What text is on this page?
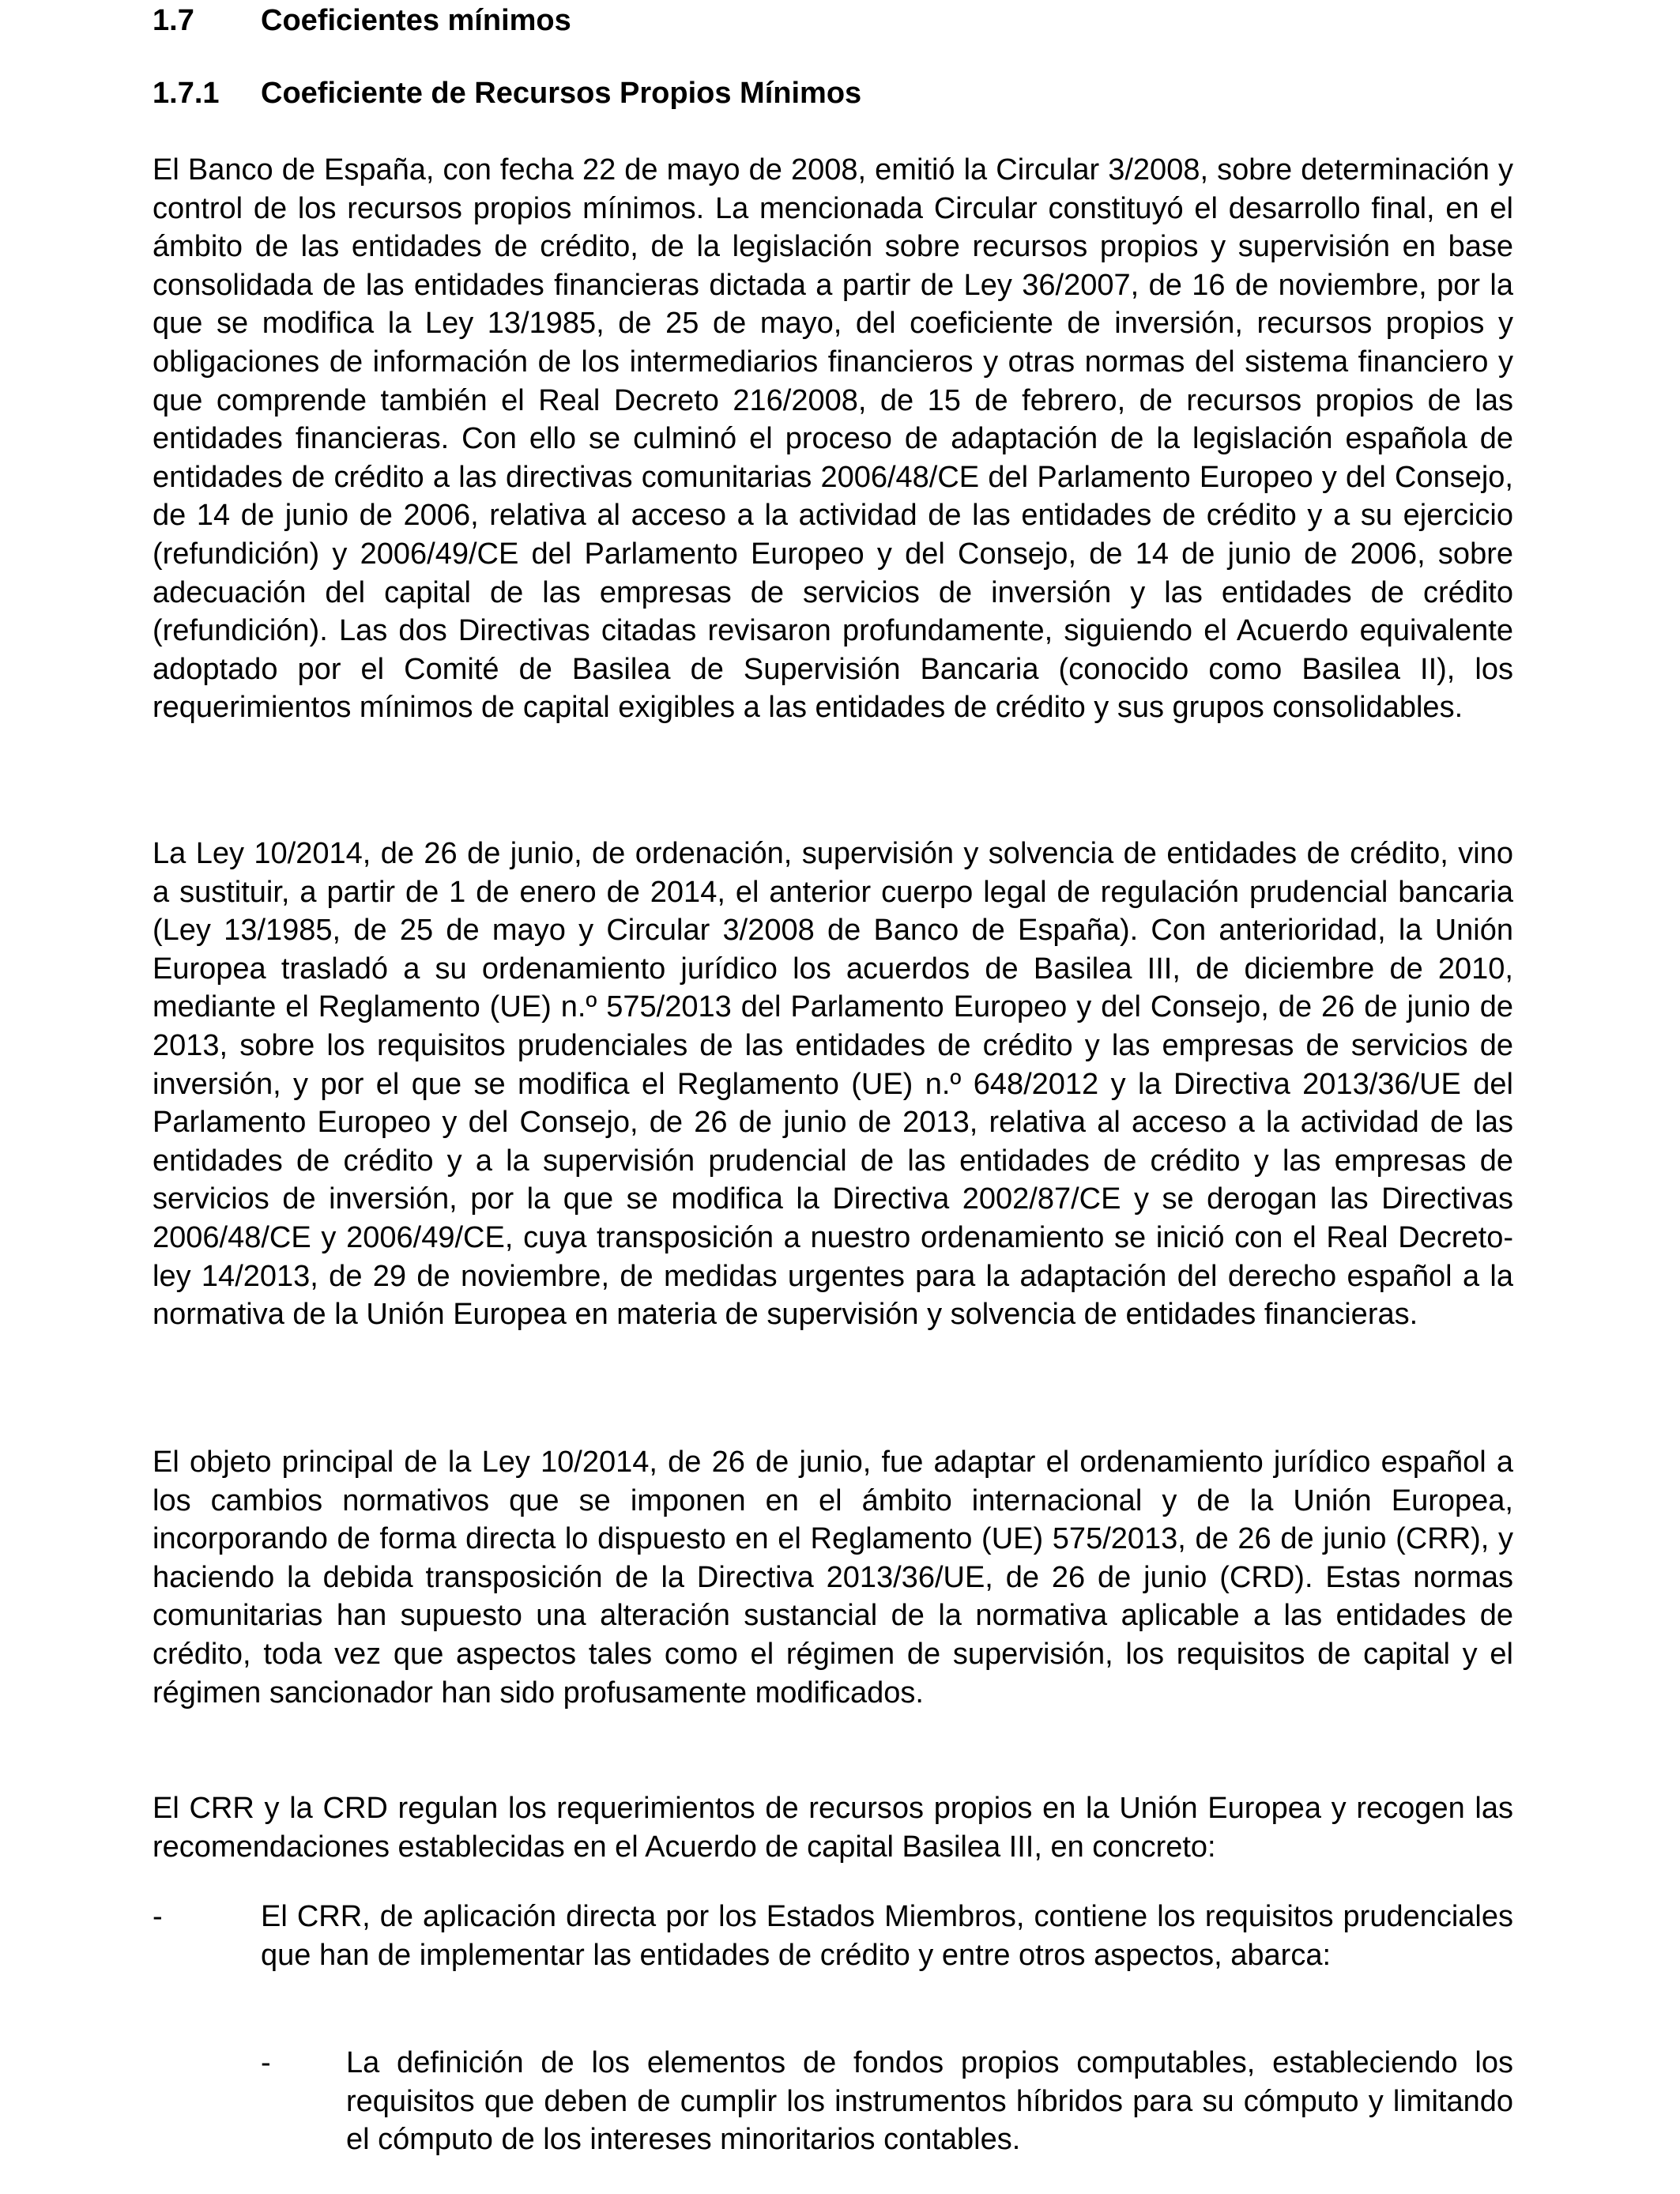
1.7	Coeficientes mínimos
1.7.1	Coeficiente de Recursos Propios Mínimos

El Banco de España, con fecha 22 de mayo de 2008, emitió la Circular 3/2008, sobre determinación y control de los recursos propios mínimos. La mencionada Circular constituyó el desarrollo final, en el ámbito de las entidades de crédito, de la legislación sobre recursos propios y supervisión en base consolidada de las entidades financieras dictada a partir de Ley 36/2007, de 16 de noviembre, por la que se modifica la Ley 13/1985, de 25 de mayo, del coeficiente de inversión, recursos propios y obligaciones de información de los intermediarios financieros y otras normas del sistema financiero y que comprende también el Real Decreto 216/2008, de 15 de febrero, de recursos propios de las entidades financieras. Con ello se culminó el proceso de adaptación de la legislación española de entidades de crédito a las directivas comunitarias 2006/48/CE del Parlamento Europeo y del Consejo, de 14 de junio de 2006, relativa al acceso a la actividad de las entidades de crédito y a su ejercicio (refundición) y 2006/49/CE del Parlamento Europeo y del Consejo, de 14 de junio de 2006, sobre adecuación del capital de las empresas de servicios de inversión y las entidades de crédito (refundición). Las dos Directivas citadas revisaron profundamente, siguiendo el Acuerdo equivalente adoptado por el Comité de Basilea de Supervisión Bancaria (conocido como Basilea II), los requerimientos mínimos de capital exigibles a las entidades de crédito y sus grupos consolidables.

La Ley 10/2014, de 26 de junio, de ordenación, supervisión y solvencia de entidades de crédito, vino a sustituir, a partir de 1 de enero de 2014, el anterior cuerpo legal de regulación prudencial bancaria (Ley 13/1985, de 25 de mayo y Circular 3/2008 de Banco de España). Con anterioridad, la Unión Europea trasladó a su ordenamiento jurídico los acuerdos de Basilea III, de diciembre de 2010, mediante el Reglamento (UE) n.º 575/2013 del Parlamento Europeo y del Consejo, de 26 de junio de 2013, sobre los requisitos prudenciales de las entidades de crédito y las empresas de servicios de inversión, y por el que se modifica el Reglamento (UE) n.º 648/2012 y la Directiva 2013/36/UE del Parlamento Europeo y del Consejo, de 26 de junio de 2013, relativa al acceso a la actividad de las entidades de crédito y a la supervisión prudencial de las entidades de crédito y las empresas de servicios de inversión, por la que se modifica la Directiva 2002/87/CE y se derogan las Directivas 2006/48/CE y 2006/49/CE, cuya transposición a nuestro ordenamiento se inició con el Real Decreto-ley 14/2013, de 29 de noviembre, de medidas urgentes para la adaptación del derecho español a la normativa de la Unión Europea en materia de supervisión y solvencia de entidades financieras.

El objeto principal de la Ley 10/2014, de 26 de junio, fue adaptar el ordenamiento jurídico español a los cambios normativos que se imponen en el ámbito internacional y de la Unión Europea, incorporando de forma directa lo dispuesto en el Reglamento (UE) 575/2013, de 26 de junio (CRR), y haciendo la debida transposición de la Directiva 2013/36/UE, de 26 de junio (CRD). Estas normas comunitarias han supuesto una alteración sustancial de la normativa aplicable a las entidades de crédito, toda vez que aspectos tales como el régimen de supervisión, los requisitos de capital y el régimen sancionador han sido profusamente modificados.

El CRR y la CRD regulan los requerimientos de recursos propios en la Unión Europea y recogen las recomendaciones establecidas en el Acuerdo de capital Basilea III, en concreto:

-	El CRR, de aplicación directa por los Estados Miembros, contiene los requisitos prudenciales que han de implementar las entidades de crédito y entre otros aspectos, abarca:
-	La definición de los elementos de fondos propios computables, estableciendo los requisitos que deben de cumplir los instrumentos híbridos para su cómputo y limitando el cómputo de los intereses minoritarios contables.
